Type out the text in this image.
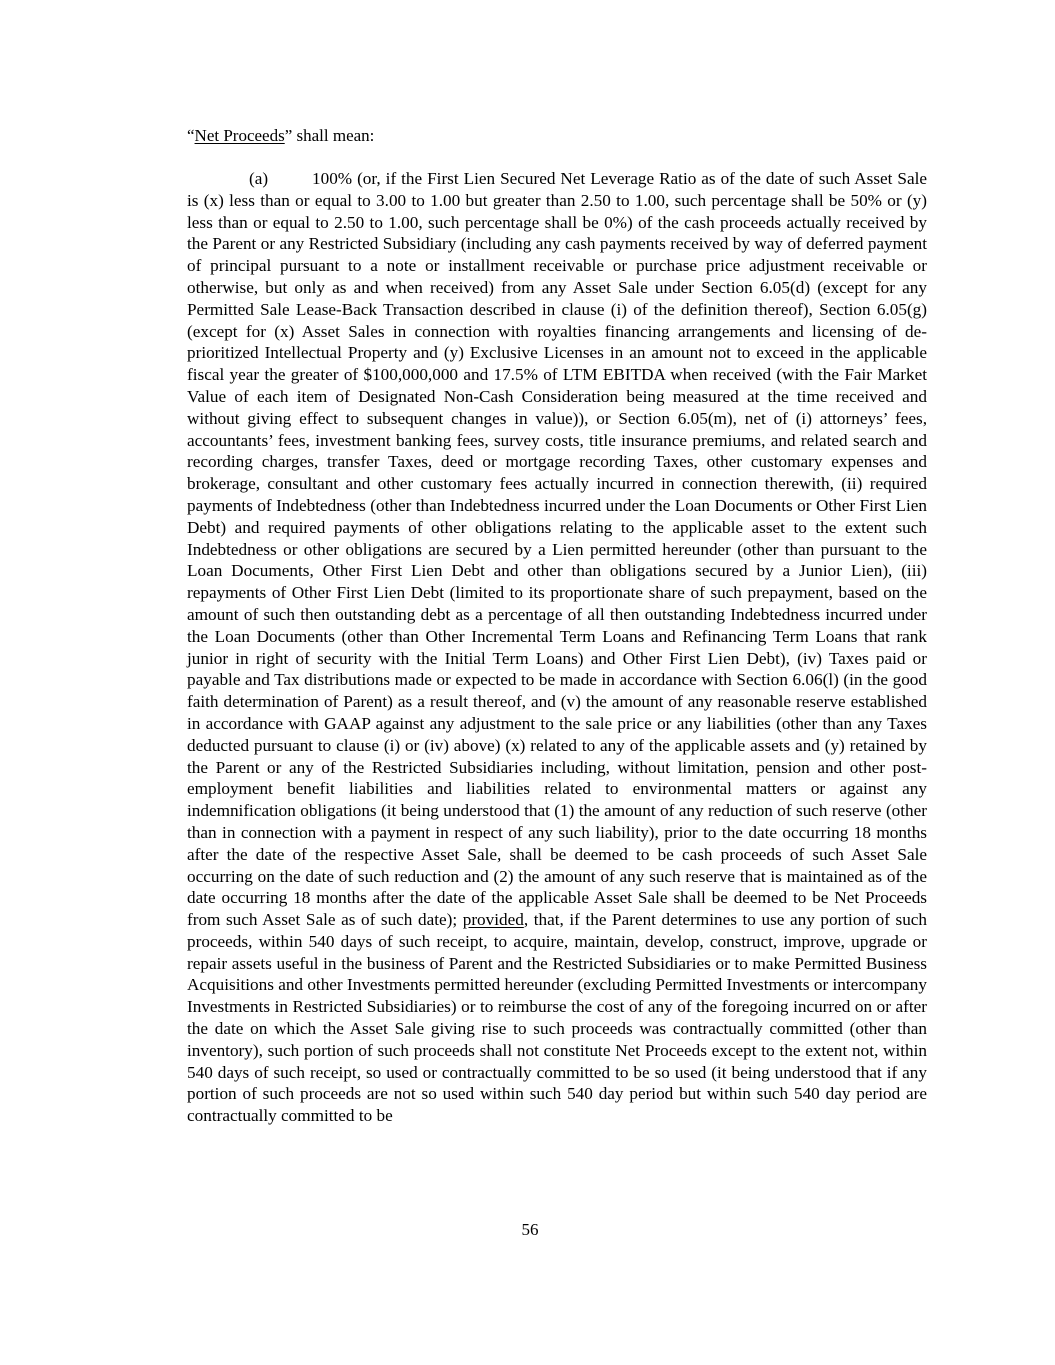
“Net Proceeds” shall mean:

(a)	100% (or, if the First Lien Secured Net Leverage Ratio as of the date of such Asset Sale is (x) less than or equal to 3.00 to 1.00 but greater than 2.50 to 1.00, such percentage shall be 50% or (y) less than or equal to 2.50 to 1.00, such percentage shall be 0%) of the cash proceeds actually received by the Parent or any Restricted Subsidiary (including any cash payments received by way of deferred payment of principal pursuant to a note or installment receivable or purchase price adjustment receivable or otherwise, but only as and when received) from any Asset Sale under Section 6.05(d) (except for any Permitted Sale Lease-Back Transaction described in clause (i) of the definition thereof), Section 6.05(g) (except for (x) Asset Sales in connection with royalties financing arrangements and licensing of de-prioritized Intellectual Property and (y) Exclusive Licenses in an amount not to exceed in the applicable fiscal year the greater of $100,000,000 and 17.5% of LTM EBITDA when received (with the Fair Market Value of each item of Designated Non-Cash Consideration being measured at the time received and without giving effect to subsequent changes in value)), or Section 6.05(m), net of (i) attorneys’ fees, accountants’ fees, investment banking fees, survey costs, title insurance premiums, and related search and recording charges, transfer Taxes, deed or mortgage recording Taxes, other customary expenses and brokerage, consultant and other customary fees actually incurred in connection therewith, (ii) required payments of Indebtedness (other than Indebtedness incurred under the Loan Documents or Other First Lien Debt) and required payments of other obligations relating to the applicable asset to the extent such Indebtedness or other obligations are secured by a Lien permitted hereunder (other than pursuant to the Loan Documents, Other First Lien Debt and other than obligations secured by a Junior Lien), (iii) repayments of Other First Lien Debt (limited to its proportionate share of such prepayment, based on the amount of such then outstanding debt as a percentage of all then outstanding Indebtedness incurred under the Loan Documents (other than Other Incremental Term Loans and Refinancing Term Loans that rank junior in right of security with the Initial Term Loans) and Other First Lien Debt), (iv) Taxes paid or payable and Tax distributions made or expected to be made in accordance with Section 6.06(l) (in the good faith determination of Parent) as a result thereof, and (v) the amount of any reasonable reserve established in accordance with GAAP against any adjustment to the sale price or any liabilities (other than any Taxes deducted pursuant to clause (i) or (iv) above) (x) related to any of the applicable assets and (y) retained by the Parent or any of the Restricted Subsidiaries including, without limitation, pension and other post-employment benefit liabilities and liabilities related to environmental matters or against any indemnification obligations (it being understood that (1) the amount of any reduction of such reserve (other than in connection with a payment in respect of any such liability), prior to the date occurring 18 months after the date of the respective Asset Sale, shall be deemed to be cash proceeds of such Asset Sale occurring on the date of such reduction and (2) the amount of any such reserve that is maintained as of the date occurring 18 months after the date of the applicable Asset Sale shall be deemed to be Net Proceeds from such Asset Sale as of such date); provided, that, if the Parent determines to use any portion of such proceeds, within 540 days of such receipt, to acquire, maintain, develop, construct, improve, upgrade or repair assets useful in the business of Parent and the Restricted Subsidiaries or to make Permitted Business Acquisitions and other Investments permitted hereunder (excluding Permitted Investments or intercompany Investments in Restricted Subsidiaries) or to reimburse the cost of any of the foregoing incurred on or after the date on which the Asset Sale giving rise to such proceeds was contractually committed (other than inventory), such portion of such proceeds shall not constitute Net Proceeds except to the extent not, within 540 days of such receipt, so used or contractually committed to be so used (it being understood that if any portion of such proceeds are not so used within such 540 day period but within such 540 day period are contractually committed to be

56
